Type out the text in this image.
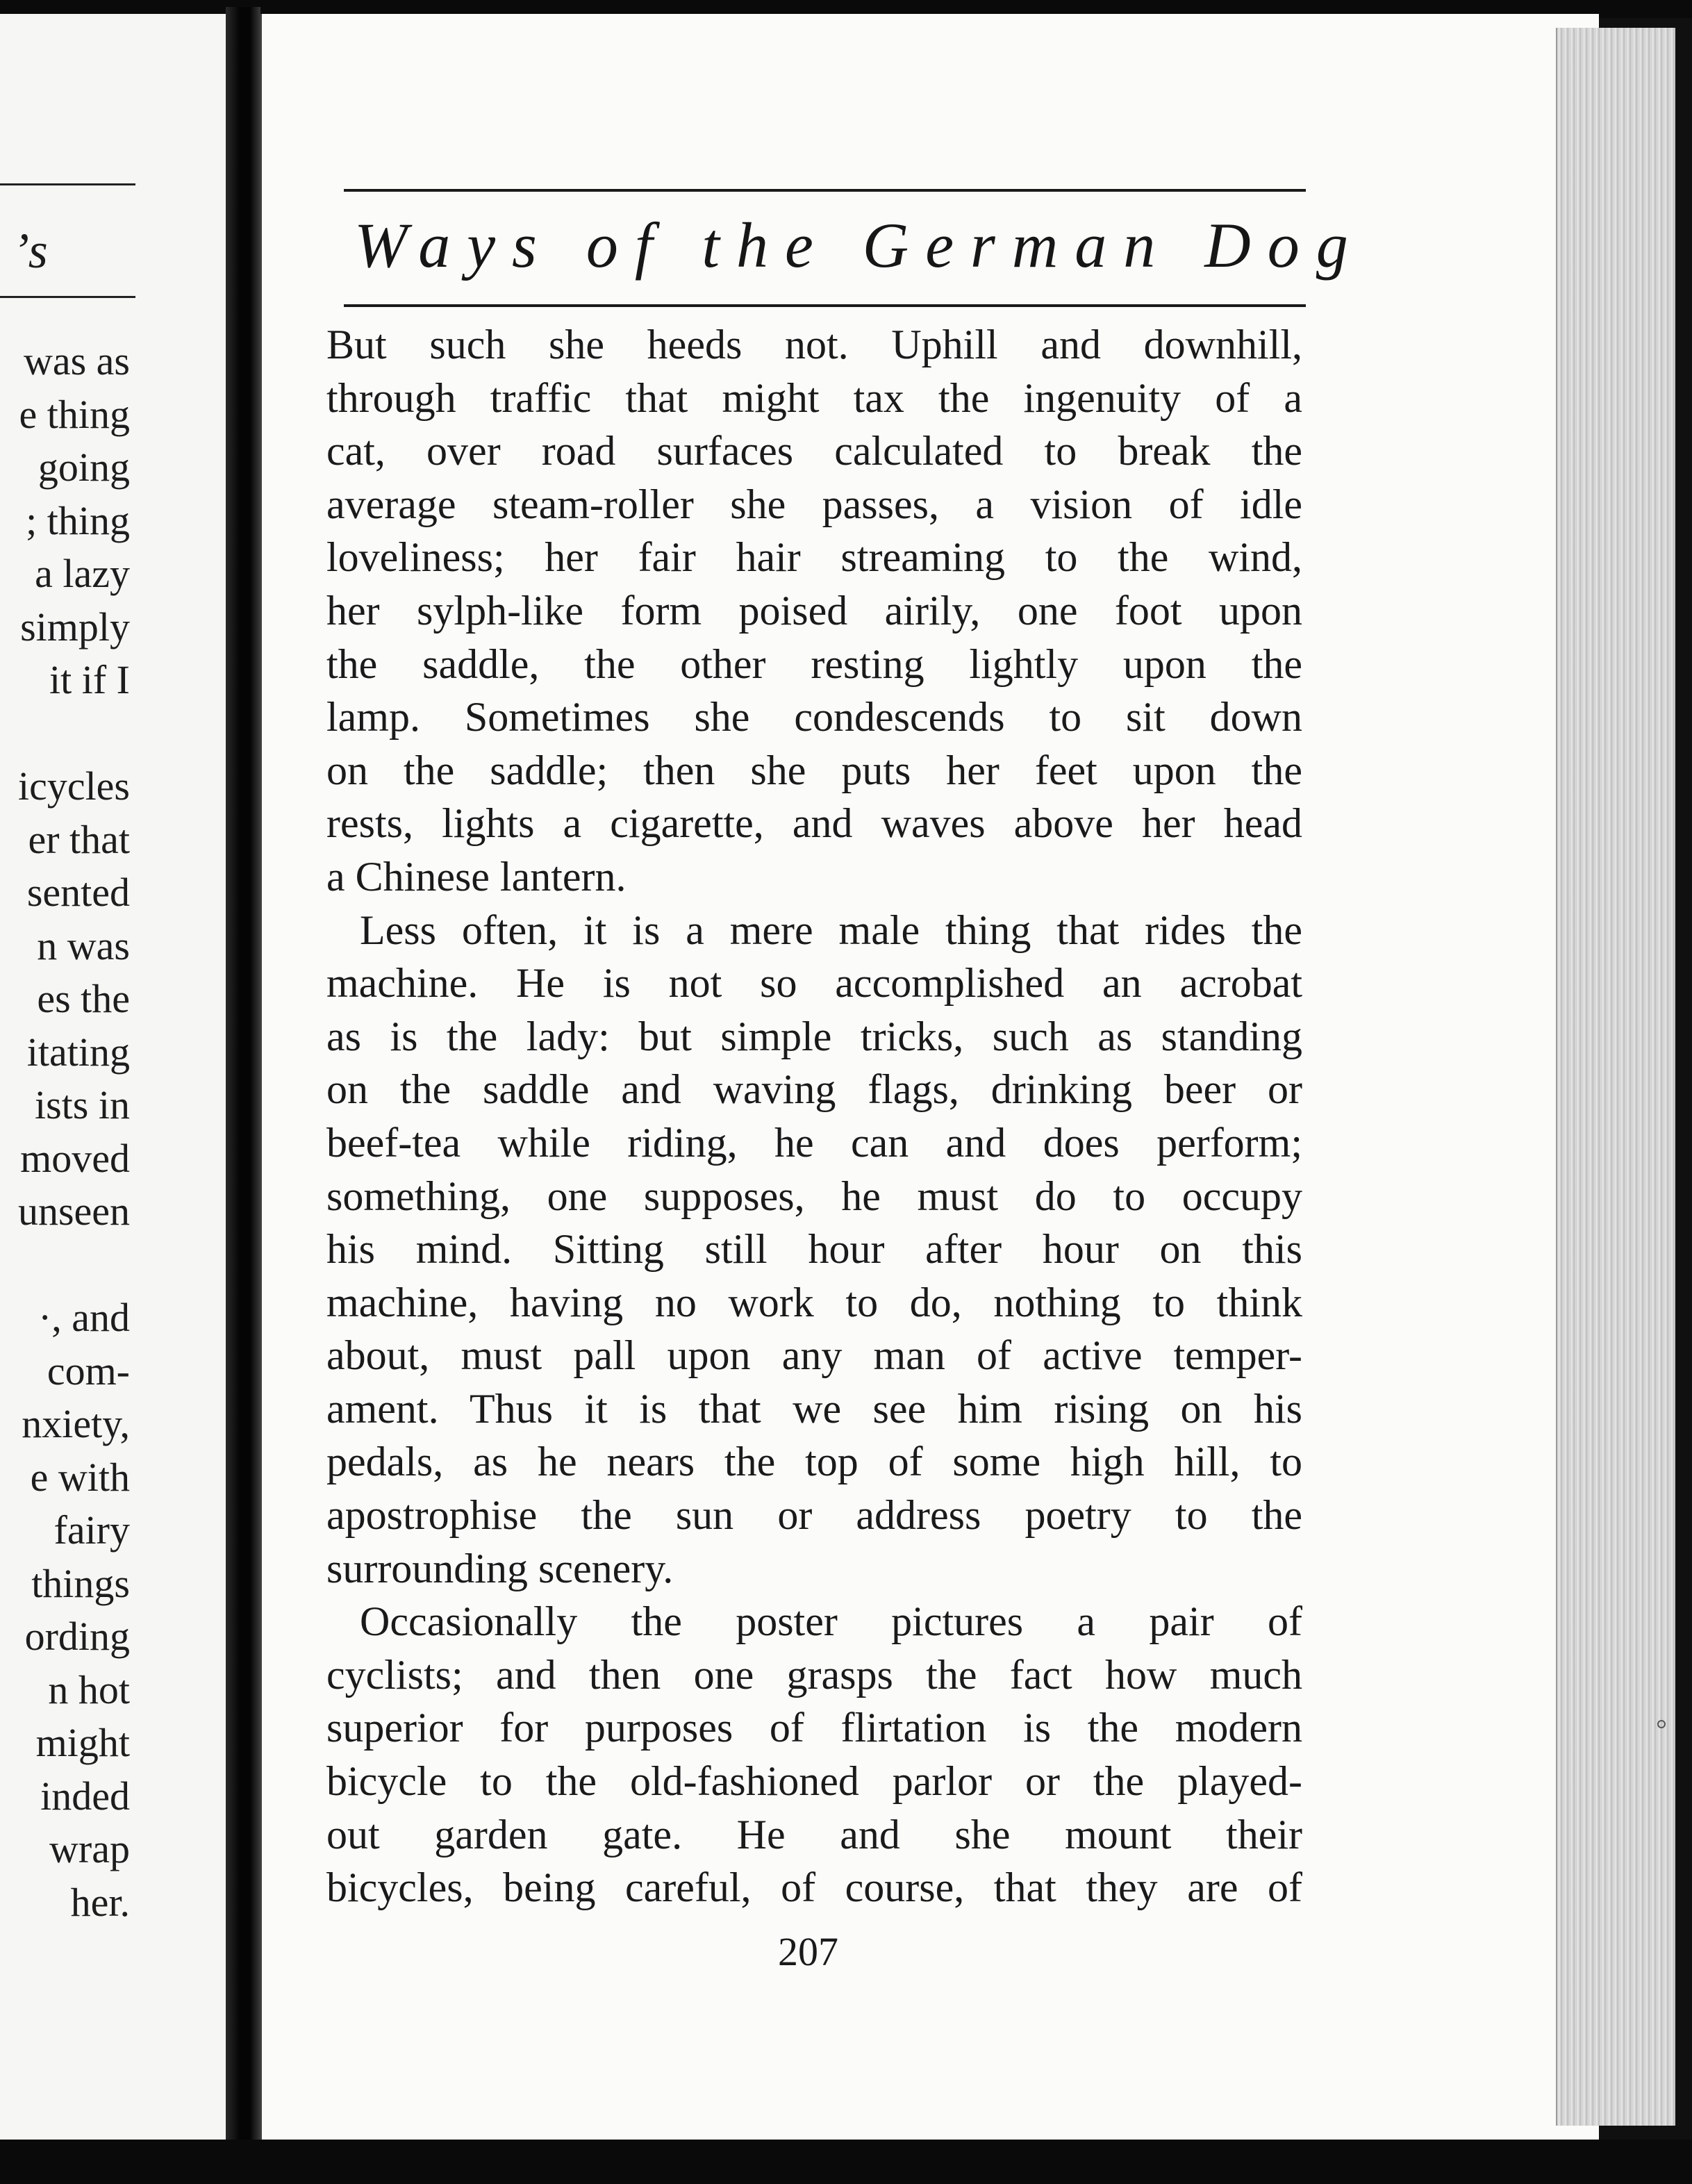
’s
was as
e thing
going
; thing
a lazy
simply
it if I
icycles
er that
sented
n was
es the
itating
ists in
moved
unseen
·, and
com-
nxiety,
e with
fairy
things
ording
n hot
might
inded
wrap
her.
Ways of the German Dog
But such she heeds not. Uphill and downhill,
through traffic that might tax the ingenuity of a
cat, over road surfaces calculated to break the
average steam-roller she passes, a vision of idle
loveliness; her fair hair streaming to the wind,
her sylph-like form poised airily, one foot upon
the saddle, the other resting lightly upon the
lamp. Sometimes she condescends to sit down
on the saddle; then she puts her feet upon the
rests, lights a cigarette, and waves above her head
a Chinese lantern.
Less often, it is a mere male thing that rides the
machine. He is not so accomplished an acrobat
as is the lady: but simple tricks, such as standing
on the saddle and waving flags, drinking beer or
beef-tea while riding, he can and does perform;
something, one supposes, he must do to occupy
his mind. Sitting still hour after hour on this
machine, having no work to do, nothing to think
about, must pall upon any man of active temper-
ament. Thus it is that we see him rising on his
pedals, as he nears the top of some high hill, to
apostrophise the sun or address poetry to the
surrounding scenery.
Occasionally the poster pictures a pair of
cyclists; and then one grasps the fact how much
superior for purposes of flirtation is the modern
bicycle to the old-fashioned parlor or the played-
out garden gate. He and she mount their
bicycles, being careful, of course, that they are of
207
